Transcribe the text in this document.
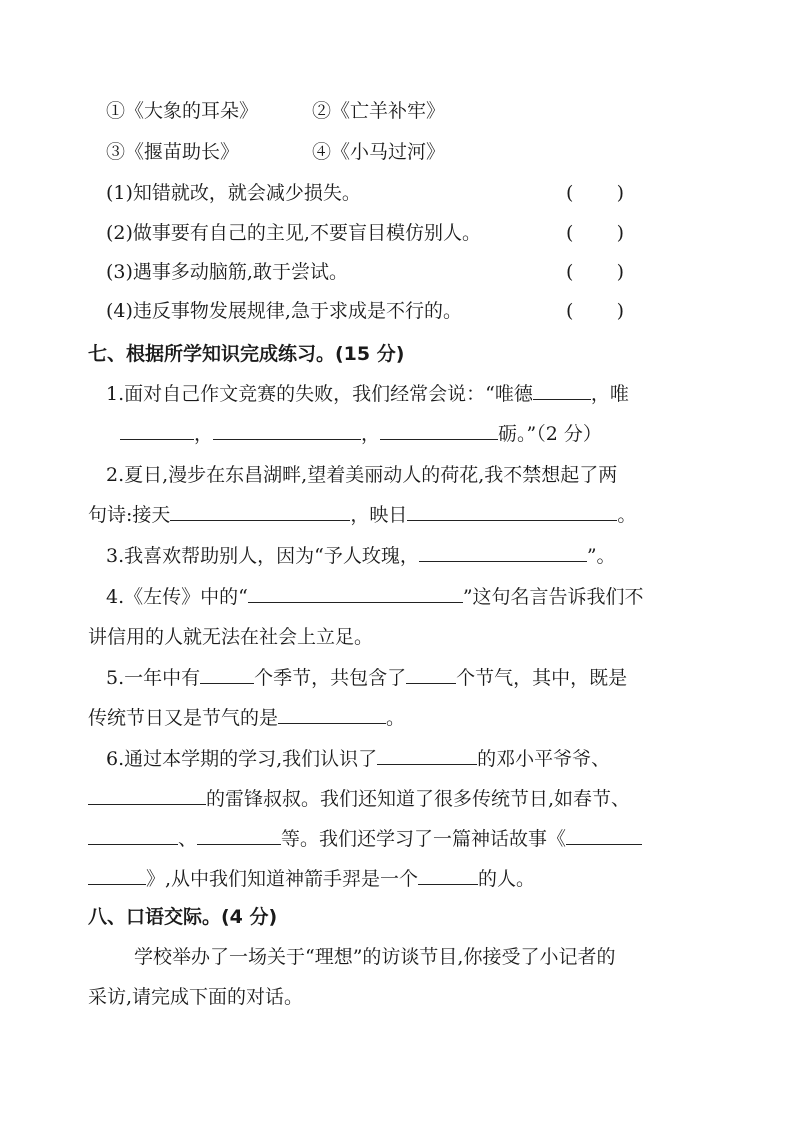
①《大象的耳朵》	②《亡羊补牢》
③《揠苗助长》	④《小马过河》
(1)知错就改，就会减少损失。	( )
(2)做事要有自己的主见,不要盲目模仿别人。	( )
(3)遇事多动脑筋,敢于尝试。	( )
(4)违反事物发展规律,急于求成是不行的。	( )
七、根据所学知识完成练习。(15 分)
1.面对自己作文竞赛的失败，我们经常会说：“唯德	，唯
，	，	砺。”（2 分）
2.夏日,漫步在东昌湖畔,望着美丽动人的荷花,我不禁想起了两
句诗:接天	，映日	。
3.我喜欢帮助别人，因为“予人玫瑰，	”。
4.《左传》中的“	”这句名言告诉我们不
讲信用的人就无法在社会上立足。
5.一年中有	个季节，共包含了	个节气，其中，既是
传统节日又是节气的是	。
6.通过本学期的学习,我们认识了	的邓小平爷爷、
的雷锋叔叔。我们还知道了很多传统节日,如春节、
、	等。我们还学习了一篇神话故事《
》,从中我们知道神箭手羿是一个	的人。
八、口语交际。(4 分)
学校举办了一场关于“理想”的访谈节目,你接受了小记者的
采访,请完成下面的对话。
